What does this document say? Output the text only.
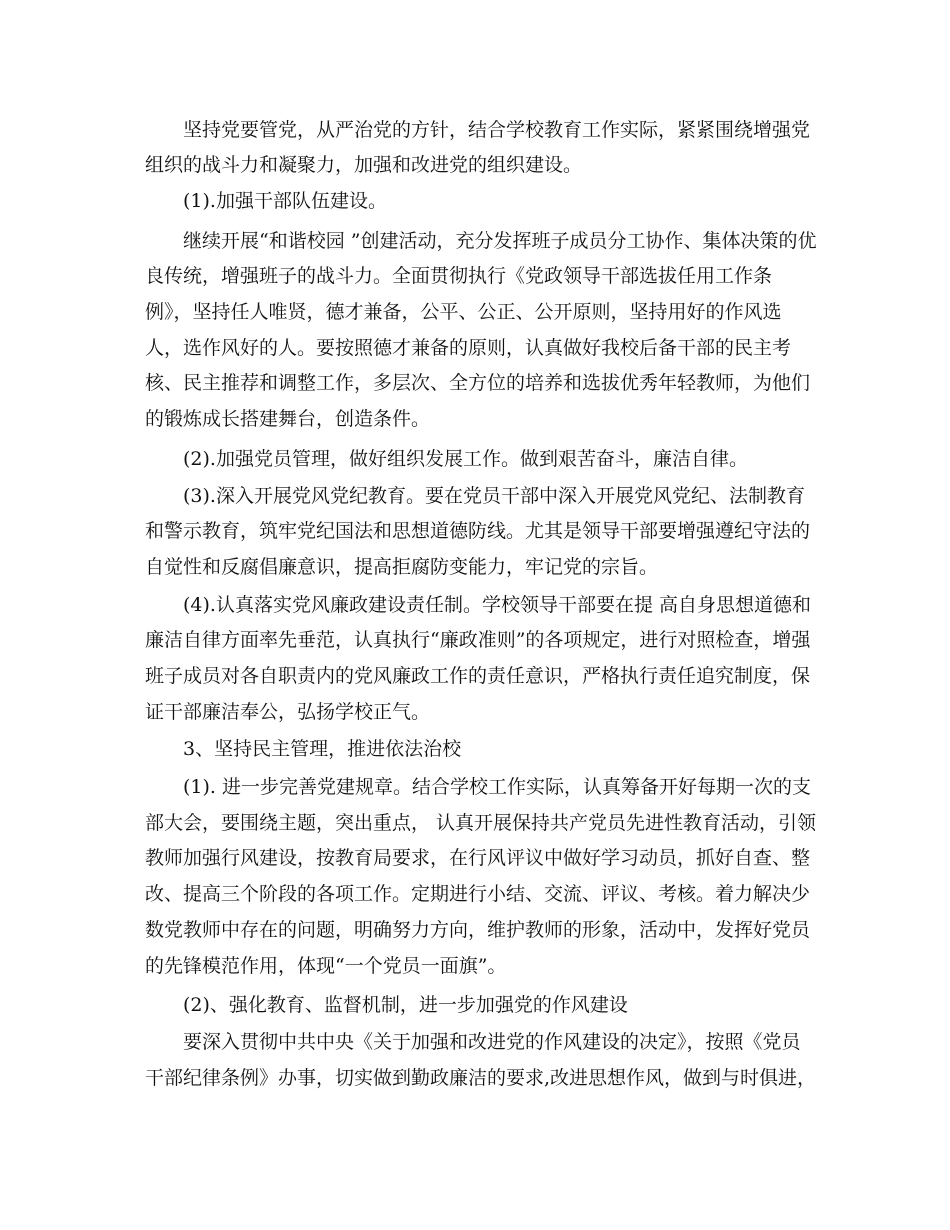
坚持党要管党，从严治党的方针，结合学校教育工作实际，紧紧围绕增强党

组织的战斗力和凝聚力，加强和改进党的组织建设。

(1).加强干部队伍建设。

继续开展“和谐校园 ”创建活动，充分发挥班子成员分工协作、集体决策的优

良传统，增强班子的战斗力。全面贯彻执行《党政领导干部选拔任用工作条

例》，坚持任人唯贤，德才兼备，公平、公正、公开原则，坚持用好的作风选

人，选作风好的人。要按照德才兼备的原则，认真做好我校后备干部的民主考

核、民主推荐和调整工作，多层次、全方位的培养和选拔优秀年轻教师，为他们

的锻炼成长搭建舞台，创造条件。

(2).加强党员管理，做好组织发展工作。做到艰苦奋斗，廉洁自律。

(3).深入开展党风党纪教育。要在党员干部中深入开展党风党纪、法制教育

和警示教育，筑牢党纪国法和思想道德防线。尤其是领导干部要增强遵纪守法的

自觉性和反腐倡廉意识，提高拒腐防变能力，牢记党的宗旨。

(4).认真落实党风廉政建设责任制。学校领导干部要在提 高自身思想道德和

廉洁自律方面率先垂范，认真执行“廉政准则”的各项规定，进行对照检查，增强

班子成员对各自职责内的党风廉政工作的责任意识，严格执行责任追究制度，保

证干部廉洁奉公，弘扬学校正气。

3、坚持民主管理，推进依法治校

(1). 进一步完善党建规章。结合学校工作实际，认真筹备开好每期一次的支

部大会，要围绕主题，突出重点， 认真开展保持共产党员先进性教育活动，引领

教师加强行风建设，按教育局要求，在行风评议中做好学习动员，抓好自查、整

改、提高三个阶段的各项工作。定期进行小结、交流、评议、考核。着力解决少

数党教师中存在的问题，明确努力方向，维护教师的形象，活动中，发挥好党员

的先锋模范作用，体现“一个党员一面旗”。

(2)、强化教育、监督机制，进一步加强党的作风建设

要深入贯彻中共中央《关于加强和改进党的作风建设的决定》，按照《党员

干部纪律条例》办事，切实做到勤政廉洁的要求,改进思想作风，做到与时俱进，
